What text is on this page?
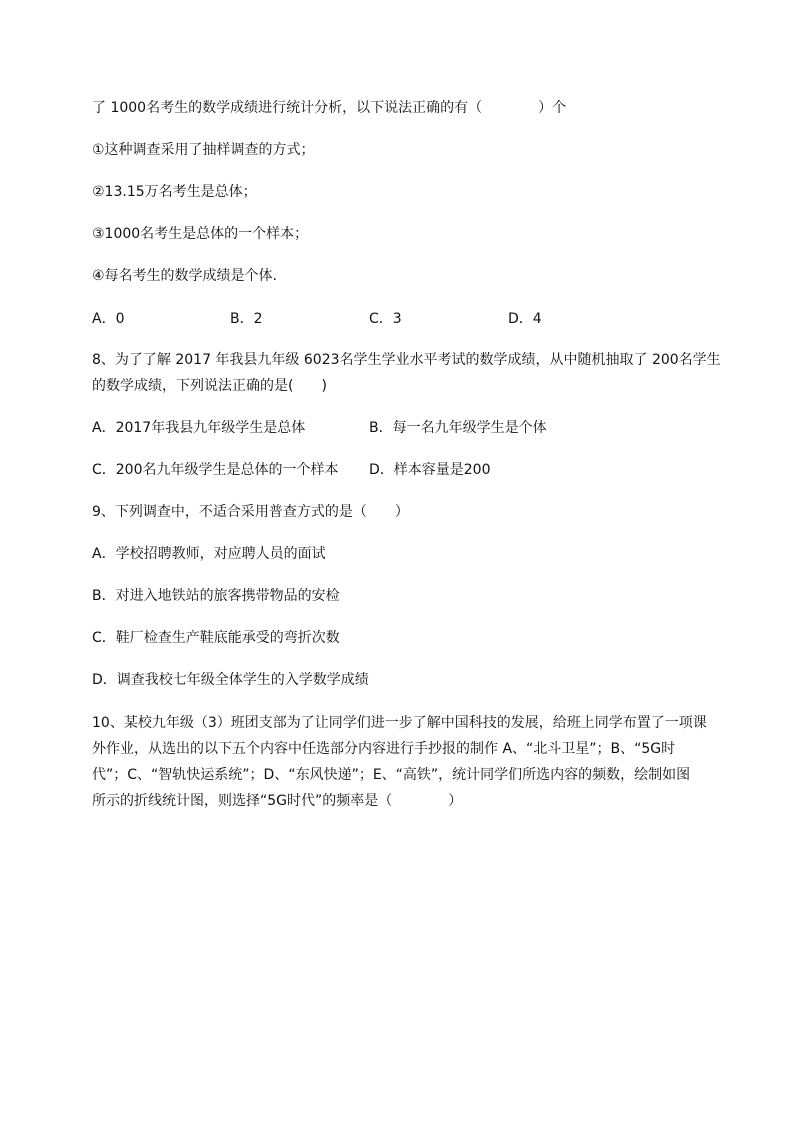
了 1000名考生的数学成绩进行统计分析，以下说法正确的有（　　　　）个
①这种调查采用了抽样调查的方式；
②13.15万名考生是总体；
③1000名考生是总体的一个样本；
④每名考生的数学成绩是个体.
A．0	B．2	C．3	D．4
8、为了了解 2017 年我县九年级 6023名学生学业水平考试的数学成绩，从中随机抽取了 200名学生
的数学成绩，下列说法正确的是(　　)
A．2017年我县九年级学生是总体	B．每一名九年级学生是个体
C．200名九年级学生是总体的一个样本 D．样本容量是200
9、下列调查中，不适合采用普查方式的是（　　）
A．学校招聘教师，对应聘人员的面试
B．对进入地铁站的旅客携带物品的安检
C．鞋厂检查生产鞋底能承受的弯折次数
D．调查我校七年级全体学生的入学数学成绩
10、某校九年级（3）班团支部为了让同学们进一步了解中国科技的发展，给班上同学布置了一项课
外作业，从选出的以下五个内容中任选部分内容进行手抄报的制作 A、“北斗卫星”；B、“5G时
代”；C、“智轨快运系统”；D、“东风快递”；E、“高铁”，统计同学们所选内容的频数，绘制如图
所示的折线统计图，则选择“5G时代”的频率是（　　　　）
